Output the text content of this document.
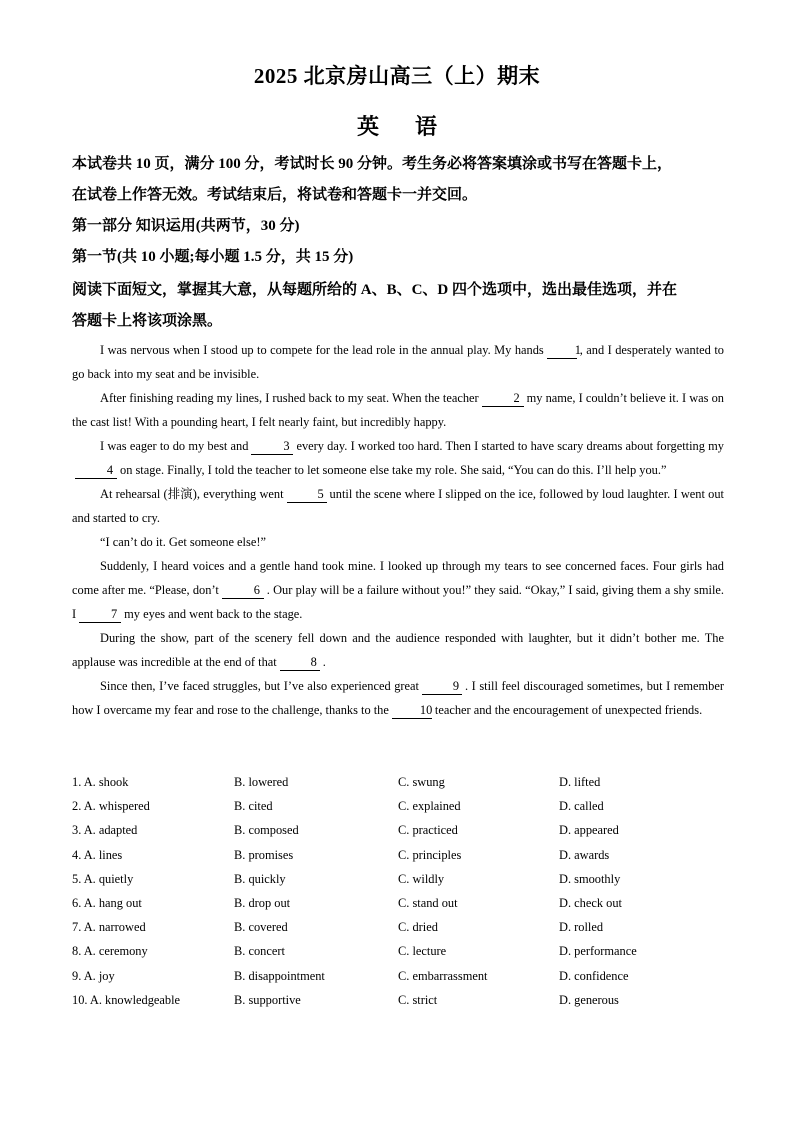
2025 北京房山高三（上）期末
英语
本试卷共 10 页，满分 100 分，考试时长 90 分钟。考生务必将答案填涂或书写在答题卡上，
在试卷上作答无效。考试结束后，将试卷和答题卡一并交回。
第一部分 知识运用(共两节，30 分)
第一节(共 10 小题;每小题 1.5 分，共 15 分)
阅读下面短文，掌握其大意，从每题所给的 A、B、C、D 四个选项中，选出最佳选项，并在
答题卡上将该项涂黑。

I was nervous when I stood up to compete for the lead role in the annual play. My hands	1, and I desperately wanted to go back into my seat and be invisible.

After finishing reading my lines, I rushed back to my seat. When the teacher	2 my name, I couldn’t believe it. I was on the cast list! With a pounding heart, I felt nearly faint, but incredibly happy.

I was eager to do my best and	3 every day. I worked too hard. Then I started to have scary dreams about forgetting my4 on stage. Finally, I told the teacher to let someone else take my role. She said, “You can do this. I’ll help you.”

At rehearsal (排演), everything went	5 until the scene where I slipped on the ice, followed by loud laughter. I went out and started to cry.

“I can’t do it. Get someone else!”

Suddenly, I heard voices and a gentle hand took mine. I looked up through my tears to see concerned faces. Four girls had come after me. “Please, don’t	6 . Our play will be a failure without you!” they said. “Okay,” I said, giving them a shy smile. I	7 my eyes and went back to the stage.

During the show, part of the scenery fell down and the audience responded with laughter, but it didn’t bother me. The applause was incredible at the end of that	8 .

Since then, I’ve faced struggles, but I’ve also experienced great	9 . I still feel discouraged sometimes, but I remember how I overcame my fear and rose to the challenge, thanks to the	10 teacher and the encouragement of unexpected friends.

1. A. shook	B. lowered	C. swung	D. lifted
2. A. whispered	B. cited	C. explained	D. called
3. A. adapted	B. composed	C. practiced	D. appeared
4. A. lines	B. promises	C. principles	D. awards
5. A. quietly	B. quickly	C. wildly	D. smoothly
6. A. hang out	B. drop out	C. stand out	D. check out
7. A. narrowed	B. covered	C. dried	D. rolled
8. A. ceremony	B. concert	C. lecture	D. performance
9. A. joy	B. disappointment	C. embarrassment	D. confidence
10. A. knowledgeable	B. supportive	C. strict	D. generous
